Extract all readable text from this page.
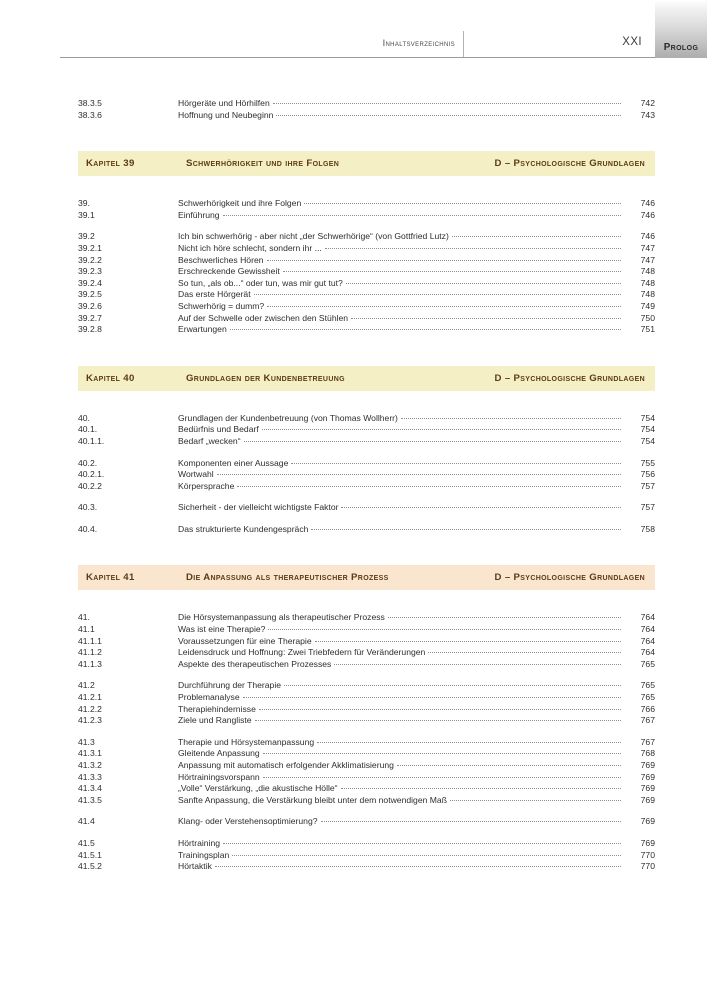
Inhaltsverzeichnis	XXI	Prolog
38.3.5	Hörgeräte und Hörhilfen	742
38.3.6	Hoffnung und Neubeginn	743
Kapitel 39	Schwerhörigkeit und ihre Folgen	D – Psychologische Grundlagen
39.	Schwerhörigkeit und ihre Folgen	746
39.1	Einführung	746
39.2	Ich bin schwerhörig - aber nicht „der Schwerhörige“ (von Gottfried Lutz)	746
39.2.1	Nicht ich höre schlecht, sondern ihr ...	747
39.2.2	Beschwerliches Hören	747
39.2.3	Erschreckende Gewissheit	748
39.2.4	So tun, „als ob...“ oder tun, was mir gut tut?	748
39.2.5	Das erste Hörgerät	748
39.2.6	Schwerhörig = dumm?	749
39.2.7	Auf der Schwelle oder zwischen den Stühlen	750
39.2.8	Erwartungen	751
Kapitel 40	Grundlagen der Kundenbetreuung	D – Psychologische Grundlagen
40.	Grundlagen der Kundenbetreuung (von Thomas Wollherr)	754
40.1.	Bedürfnis und Bedarf	754
40.1.1.	Bedarf „wecken“	754
40.2.	Komponenten einer Aussage	755
40.2.1.	Wortwahl	756
40.2.2	Körpersprache	757
40.3.	Sicherheit - der vielleicht wichtigste Faktor	757
40.4.	Das strukturierte Kundengespräch	758
Kapitel 41	Die Anpassung als therapeutischer Prozess	D – Psychologische Grundlagen
41.	Die Hörsystemanpassung als therapeutischer Prozess	764
41.1	Was ist eine Therapie?	764
41.1.1	Voraussetzungen für eine Therapie	764
41.1.2	Leidensdruck und Hoffnung: Zwei Triebfedern für Veränderungen	764
41.1.3	Aspekte des therapeutischen Prozesses	765
41.2	Durchführung der Therapie	765
41.2.1	Problemanalyse	765
41.2.2	Therapiehindernisse	766
41.2.3	Ziele und Rangliste	767
41.3	Therapie und Hörsystemanpassung	767
41.3.1	Gleitende Anpassung	768
41.3.2	Anpassung mit automatisch erfolgender Akklimatisierung	769
41.3.3	Hörtrainingsvorspann	769
41.3.4	„Volle“ Verstärkung, „die akustische Hölle“	769
41.3.5	Sanfte Anpassung, die Verstärkung bleibt unter dem notwendigen Maß	769
41.4	Klang- oder Verstehensoptimierung?	769
41.5	Hörtraining	769
41.5.1	Trainingsplan	770
41.5.2	Hörtaktik	770
